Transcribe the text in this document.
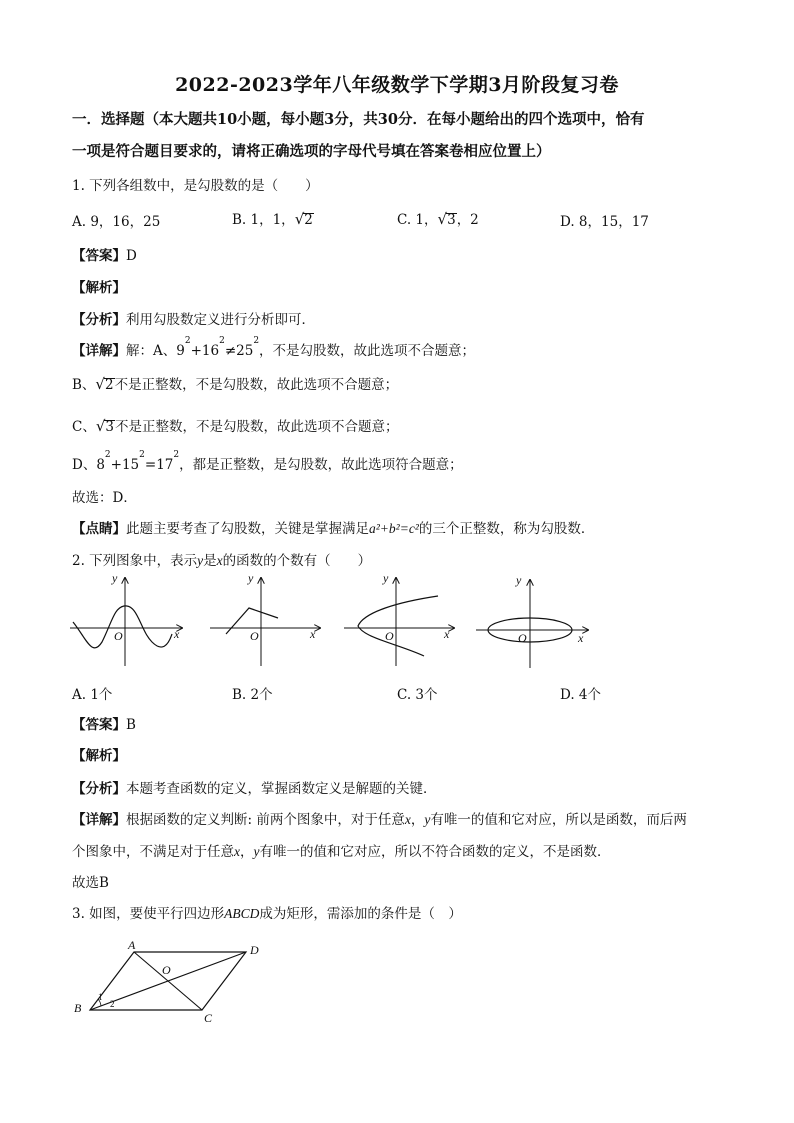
2022-2023学年八年级数学下学期3月阶段复习卷
一．选择题（本大题共10小题，每小题3分，共30分．在每小题给出的四个选项中，恰有
一项是符合题目要求的，请将正确选项的字母代号填在答案卷相应位置上）
1. 下列各组数中，是勾股数的是（　　）
A. 9，16，25	B. 1，1，√2	C. 1，√3，2	D. 8，15，17
【答案】D
【解析】
【分析】利用勾股数定义进行分析即可．
【详解】解：A、$9^2+16^2\ne 25^2$，不是勾股数，故此选项不合题意；
B、√2不是正整数，不是勾股数，故此选项不合题意；
C、√3不是正整数，不是勾股数，故此选项不合题意；
D、$8^2+15^2=17^2$，都是正整数，是勾股数，故此选项符合题意；
故选：D．
【点睛】此题主要考查了勾股数，关键是掌握满足a²+b²=c²的三个正整数，称为勾股数．
2. 下列图象中，表示y是x的函数的个数有（　　）
y
x
O
y
x
O
y
x
O
y
x
O
A. 1个	B. 2个	C. 3个	D. 4个
【答案】B
【解析】
【分析】本题考查函数的定义，掌握函数定义是解题的关键．
【详解】根据函数的定义判断: 前两个图象中，对于任意x，y有唯一的值和它对应，所以是函数，而后两
个图象中，不满足对于任意x，y有唯一的值和它对应，所以不符合函数的定义，不是函数．
故选B
3. 如图，要使平行四边形ABCD成为矩形，需添加的条件是（　）
A
B
C
D
O
1
2
